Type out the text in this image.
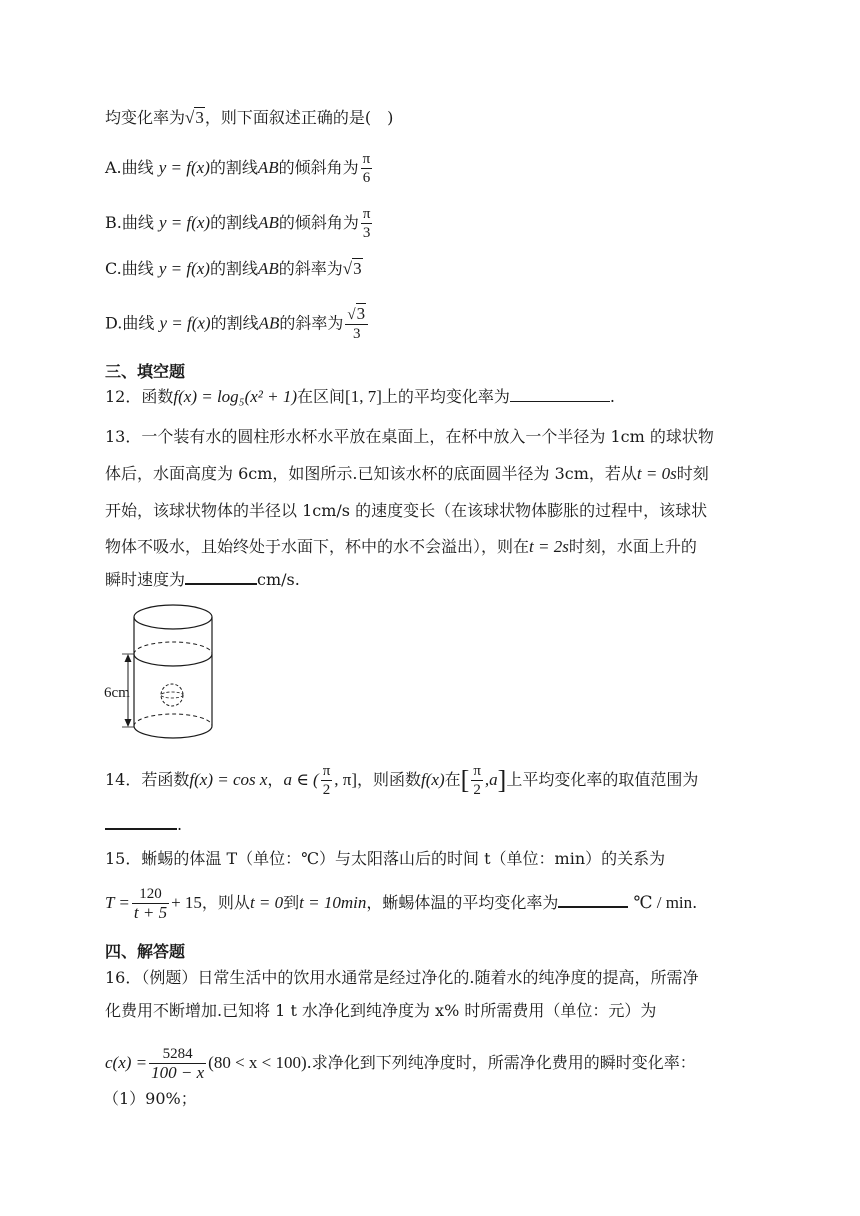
均变化率为√3，则下面叙述正确的是(　)
A.曲线 y = f(x)的割线AB的倾斜角为 $\frac{\pi}{6}$
B.曲线 y = f(x)的割线AB的倾斜角为 $\frac{\pi}{3}$
C.曲线 y = f(x)的割线AB的斜率为√3
D.曲线 y = f(x)的割线AB的斜率为 $\frac{√3}{3}$
三、填空题
12．函数f(x) = log₅(x² + 1)在区间[1, 7]上的平均变化率为	.
13．一个装有水的圆柱形水杯水平放在桌面上，在杯中放入一个半径为 1cm 的球状物
体后，水面高度为 6cm，如图所示.已知该水杯的底面圆半径为 3cm，若从t = 0s时刻
开始，该球状物体的半径以 1cm/s 的速度变长（在该球状物体膨胀的过程中，该球状
物体不吸水，且始终处于水面下，杯中的水不会溢出），则在t = 2s时刻，水面上升的
瞬时速度为	cm/s.
6cm
14．若函数f(x) = cos x，a ∈ ( $\frac{\pi}{2}$ , π]，则函数f(x)在[ $\frac{\pi}{2} ,a$]上平均变化率的取值范围为
.
15．蜥蜴的体温 T（单位：℃）与太阳落山后的时间 t（单位：min）的关系为
$T = \frac{120}{t + 5} + 15$，则从t = 0到t = 10min，蜥蜴体温的平均变化率为	℃ / min.
四、解答题
16．（例题）日常生活中的饮用水通常是经过净化的.随着水的纯净度的提高，所需净
化费用不断增加.已知将 1 t 水净化到纯净度为 x% 时所需费用（单位：元）为
$c(x) = \frac{5284}{100 - x} (80 < x < 100)$.求净化到下列纯净度时，所需净化费用的瞬时变化率：
（1）90%；
